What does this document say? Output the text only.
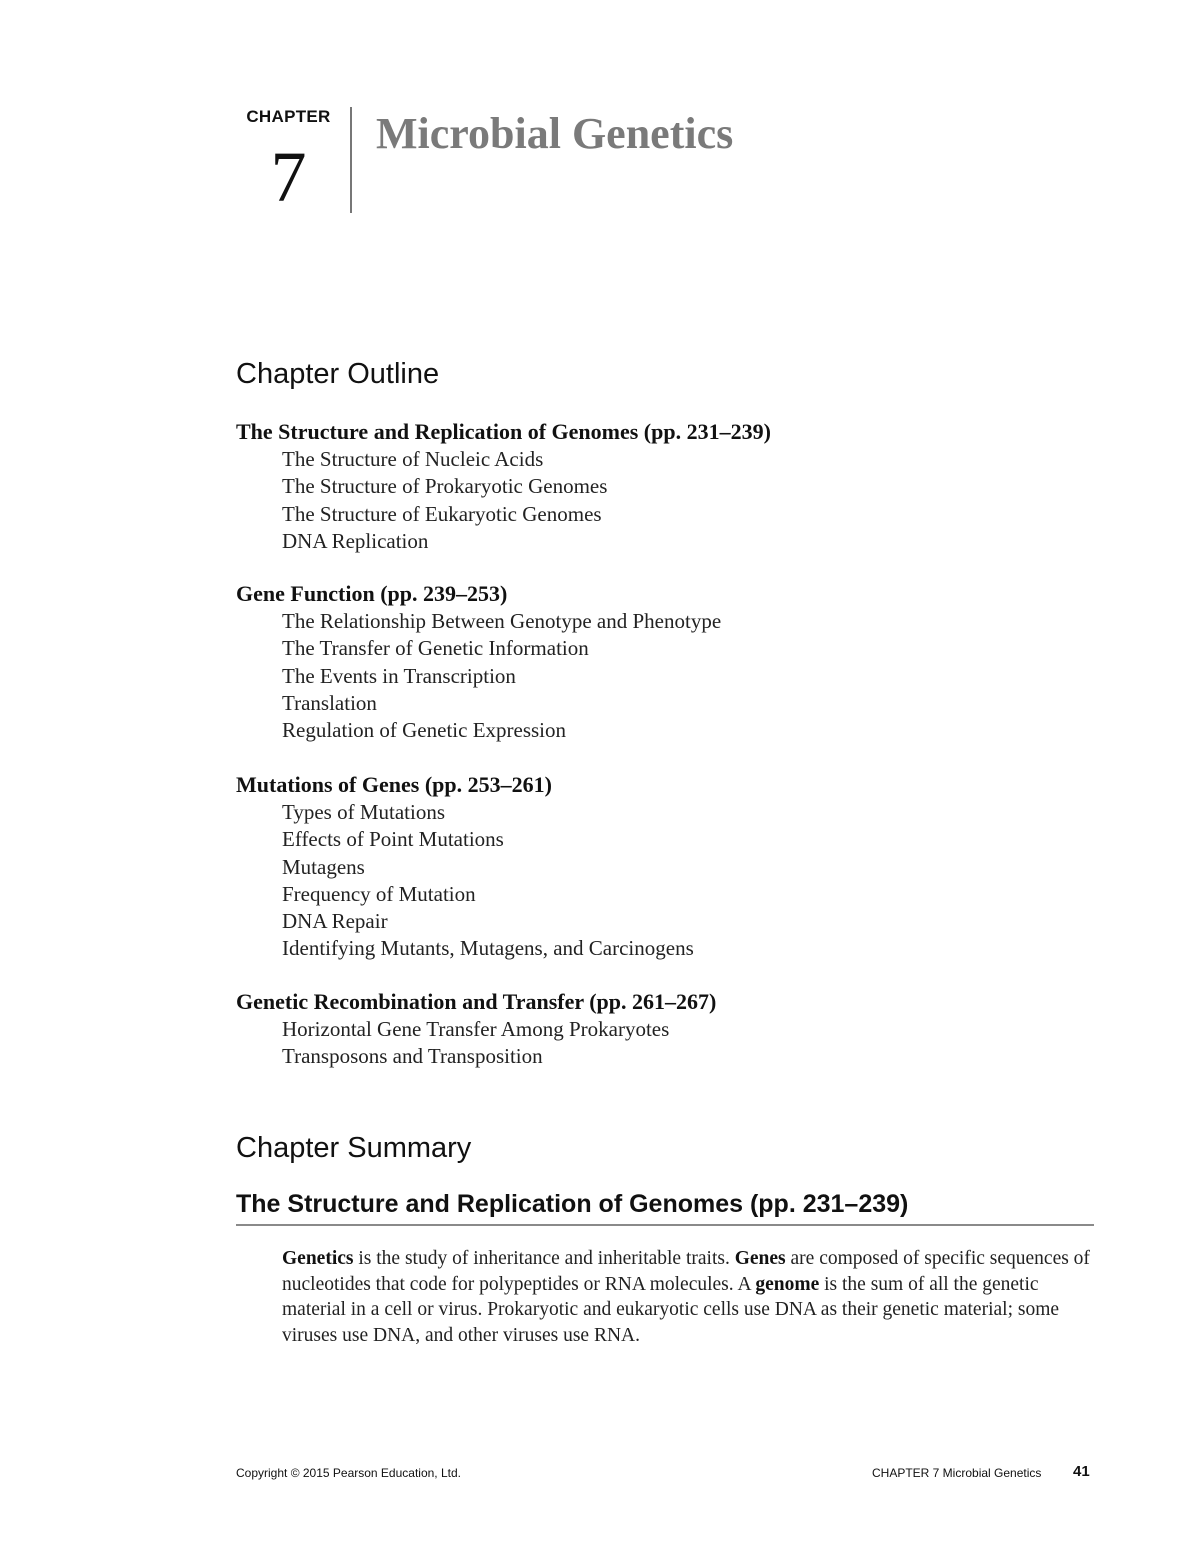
CHAPTER
7
Microbial Genetics
Chapter Outline
The Structure and Replication of Genomes (pp. 231–239)
The Structure of Nucleic Acids
The Structure of Prokaryotic Genomes
The Structure of Eukaryotic Genomes
DNA Replication
Gene Function (pp. 239–253)
The Relationship Between Genotype and Phenotype
The Transfer of Genetic Information
The Events in Transcription
Translation
Regulation of Genetic Expression
Mutations of Genes (pp. 253–261)
Types of Mutations
Effects of Point Mutations
Mutagens
Frequency of Mutation
DNA Repair
Identifying Mutants, Mutagens, and Carcinogens
Genetic Recombination and Transfer (pp. 261–267)
Horizontal Gene Transfer Among Prokaryotes
Transposons and Transposition
Chapter Summary
The Structure and Replication of Genomes (pp. 231–239)

Genetics is the study of inheritance and inheritable traits. Genes are composed of specific sequences of nucleotides that code for polypeptides or RNA molecules. A genome is the sum of all the genetic material in a cell or virus. Prokaryotic and eukaryotic cells use DNA as their genetic material; some viruses use DNA, and other viruses use RNA.

Copyright © 2015 Pearson Education, Ltd.	CHAPTER 7 Microbial Genetics 41
